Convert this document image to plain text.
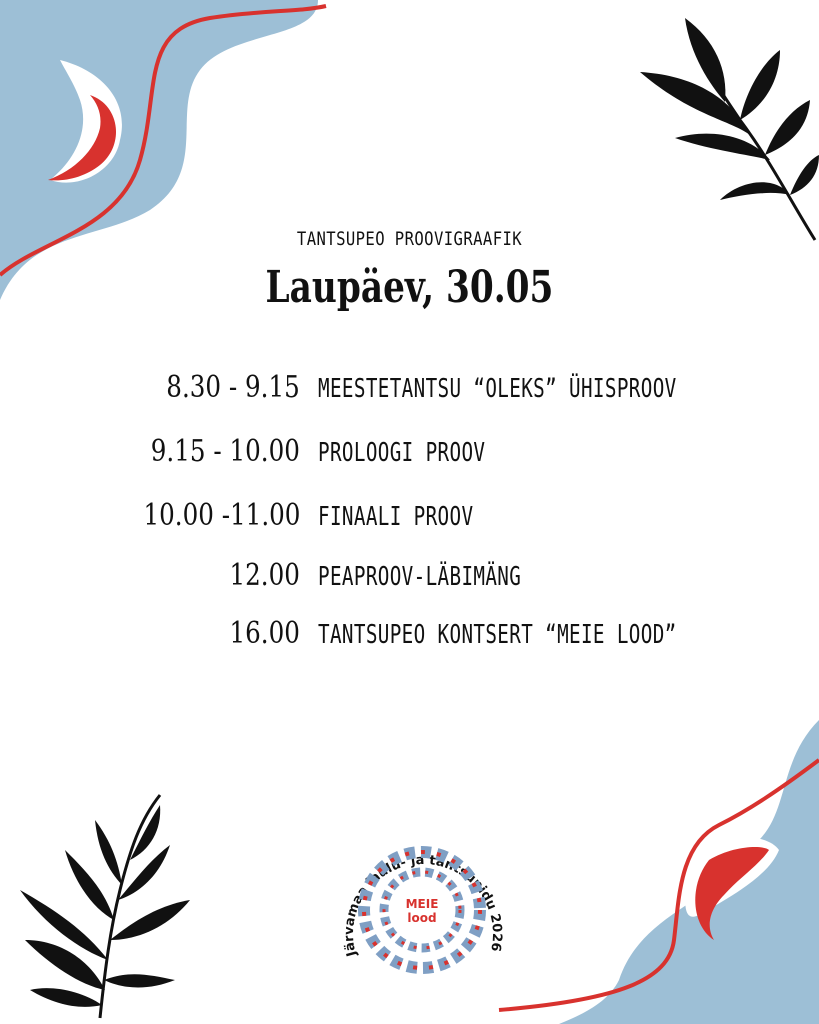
TANTSUPEO PROOVIGRAAFIK
Laupäev, 30.05
8.30 - 9.15 MEESTETANTSU “OLEKS” ÜHISPROOV
9.15 - 10.00 PROLOOGI PROOV
10.00 -11.00 FINAALI PROOV
12.00 PEAPROOV-LÄBIMÄNG
16.00 TANTSUPEO KONTSERT “MEIE LOOD”
Järvamaa laulu- ja tantsupidu 2026
MEIE
lood
